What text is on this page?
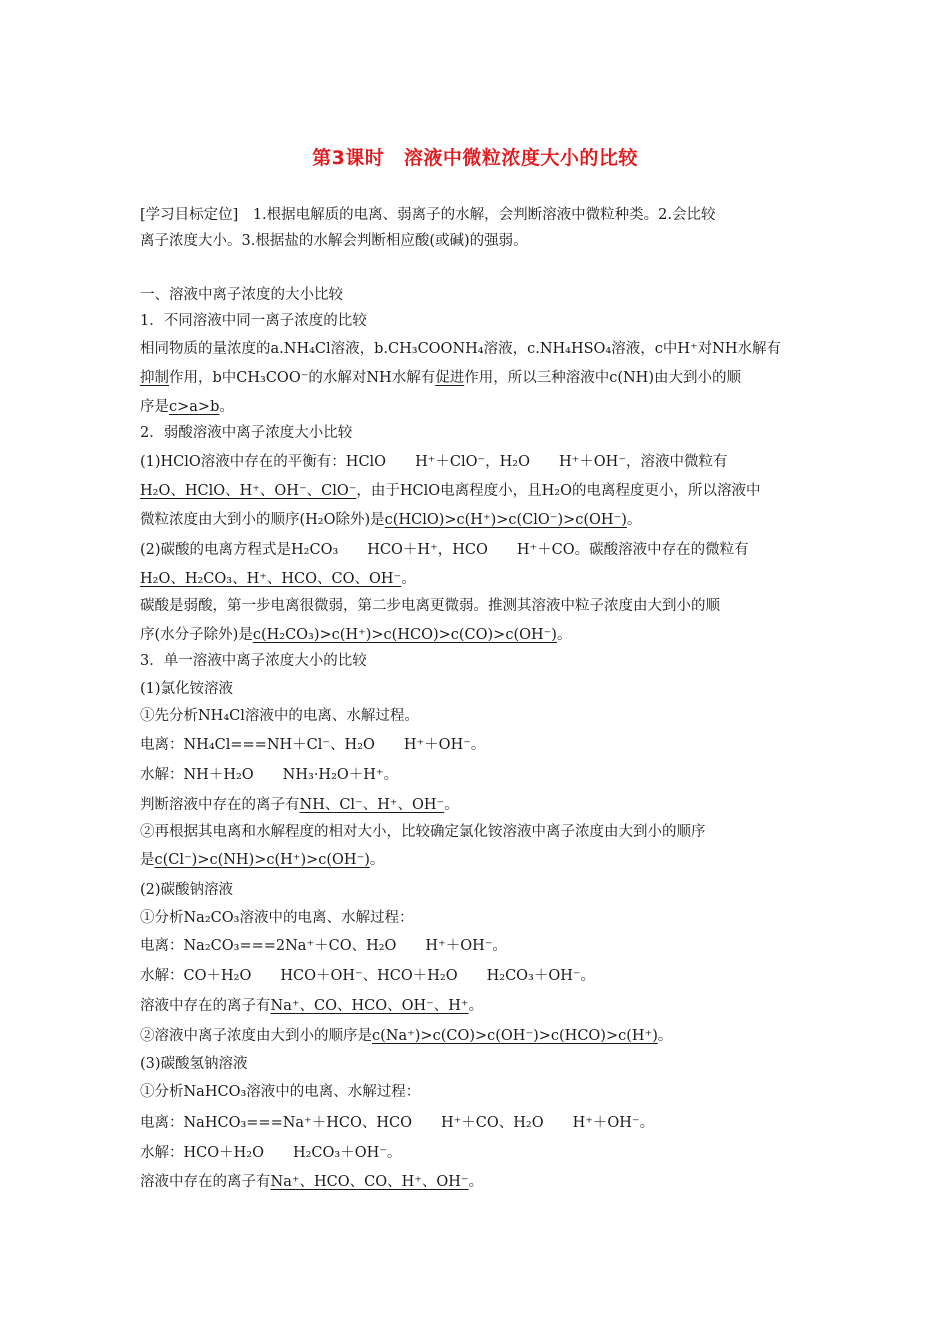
第3课时　溶液中微粒浓度大小的比较
[学习目标定位]　1.根据电解质的电离、弱离子的水解，会判断溶液中微粒种类。2.会比较
离子浓度大小。3.根据盐的水解会判断相应酸(或碱)的强弱。
一、溶液中离子浓度的大小比较
1．不同溶液中同一离子浓度的比较
相同物质的量浓度的a.NH₄Cl溶液，b.CH₃COONH₄溶液，c.NH₄HSO₄溶液，c中H⁺对NH水解有
抑制作用，b中CH₃COO⁻的水解对NH水解有促进作用，所以三种溶液中c(NH)由大到小的顺
序是c>a>b。
2．弱酸溶液中离子浓度大小比较
(1)HClO溶液中存在的平衡有：HClO　　H⁺＋ClO⁻，H₂O　　H⁺＋OH⁻，溶液中微粒有
H₂O、HClO、H⁺、OH⁻、ClO⁻，由于HClO电离程度小，且H₂O的电离程度更小，所以溶液中
微粒浓度由大到小的顺序(H₂O除外)是c(HClO)>c(H⁺)>c(ClO⁻)>c(OH⁻)。
(2)碳酸的电离方程式是H₂CO₃　　HCO＋H⁺，HCO　　H⁺＋CO。碳酸溶液中存在的微粒有
H₂O、H₂CO₃、H⁺、HCO、CO、OH⁻。
碳酸是弱酸，第一步电离很微弱，第二步电离更微弱。推测其溶液中粒子浓度由大到小的顺
序(水分子除外)是c(H₂CO₃)>c(H⁺)>c(HCO)>c(CO)>c(OH⁻)。
3．单一溶液中离子浓度大小的比较
(1)氯化铵溶液
①先分析NH₄Cl溶液中的电离、水解过程。
电离：NH₄Cl===NH＋Cl⁻、H₂O　　H⁺＋OH⁻。
水解：NH＋H₂O　　NH₃·H₂O＋H⁺。
判断溶液中存在的离子有NH、Cl⁻、H⁺、OH⁻。
②再根据其电离和水解程度的相对大小，比较确定氯化铵溶液中离子浓度由大到小的顺序
是c(Cl⁻)>c(NH)>c(H⁺)>c(OH⁻)。
(2)碳酸钠溶液
①分析Na₂CO₃溶液中的电离、水解过程：
电离：Na₂CO₃===2Na⁺＋CO、H₂O　　H⁺＋OH⁻。
水解：CO＋H₂O　　HCO＋OH⁻、HCO＋H₂O　　H₂CO₃＋OH⁻。
溶液中存在的离子有Na⁺、CO、HCO、OH⁻、H⁺。
②溶液中离子浓度由大到小的顺序是c(Na⁺)>c(CO)>c(OH⁻)>c(HCO)>c(H⁺)。
(3)碳酸氢钠溶液
①分析NaHCO₃溶液中的电离、水解过程：
电离：NaHCO₃===Na⁺＋HCO、HCO　　H⁺＋CO、H₂O　　H⁺＋OH⁻。
水解：HCO＋H₂O　　H₂CO₃＋OH⁻。
溶液中存在的离子有Na⁺、HCO、CO、H⁺、OH⁻。
